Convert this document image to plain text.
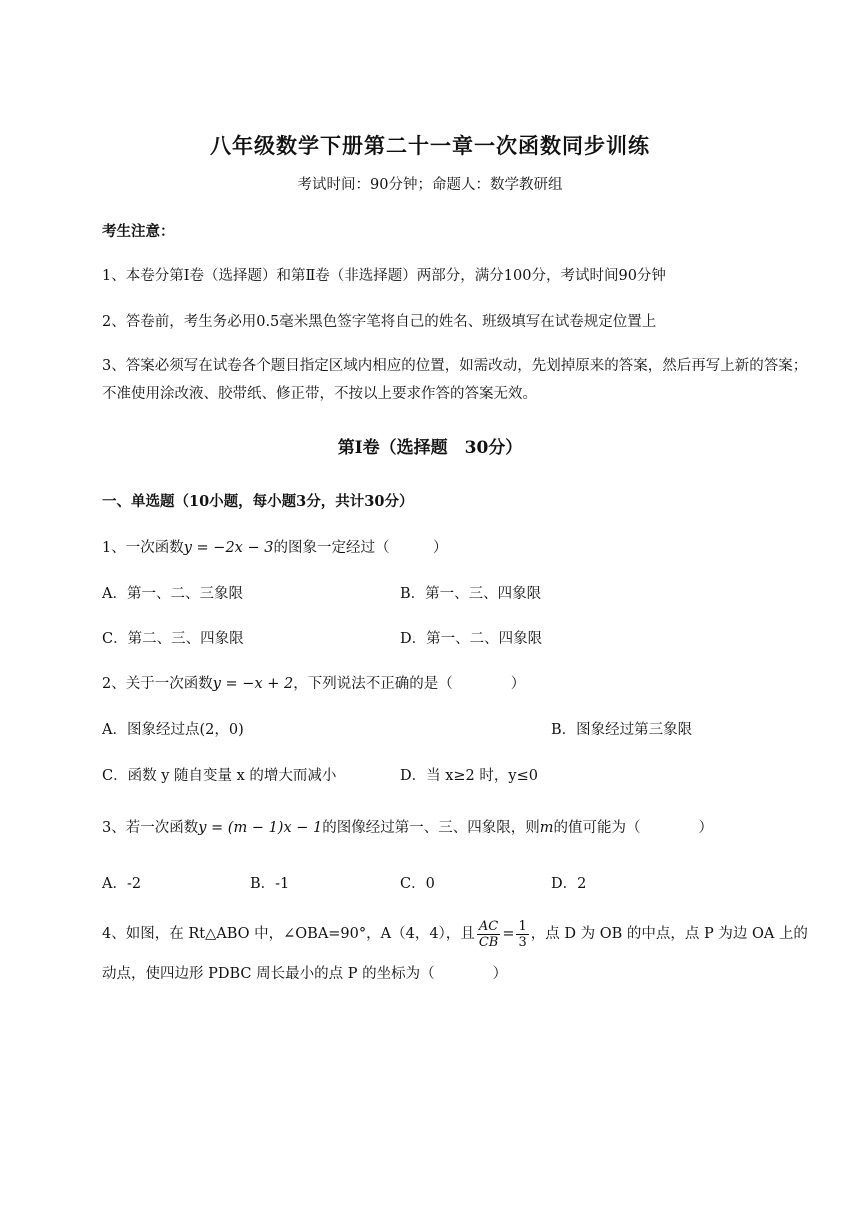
八年级数学下册第二十一章一次函数同步训练
考试时间：90分钟；命题人：数学教研组
考生注意：
1、本卷分第Ⅰ卷（选择题）和第Ⅱ卷（非选择题）两部分，满分100分，考试时间90分钟
2、答卷前，考生务必用0.5毫米黑色签字笔将自己的姓名、班级填写在试卷规定位置上
3、答案必须写在试卷各个题目指定区域内相应的位置，如需改动，先划掉原来的答案，然后再写上新的答案；不准使用涂改液、胶带纸、修正带，不按以上要求作答的答案无效。
第Ⅰ卷（选择题　30分）
一、单选题（10小题，每小题3分，共计30分）
1、一次函数y = −2x − 3的图象一定经过（　　　）
A．第一、二、三象限	B．第一、三、四象限
C．第二、三、四象限	D．第一、二、四象限
2、关于一次函数y = −x + 2，下列说法不正确的是（　　　　）
A．图象经过点(2，0)	B．图象经过第三象限
C．函数 y 随自变量 x 的增大而减小	D．当 x≥2 时，y≤0
3、若一次函数y = (m − 1)x − 1的图像经过第一、三、四象限，则m的值可能为（　　　　）
A．-2	B．-1	C．0	D．2
4、如图，在 Rt△ABO 中，∠OBA=90°，A（4，4），且 $\frac{AC}{CB} = \frac{1}{3}$ ，点 D 为 OB 的中点，点 P 为边 OA 上的
动点，使四边形 PDBC 周长最小的点 P 的坐标为（　　　　）
